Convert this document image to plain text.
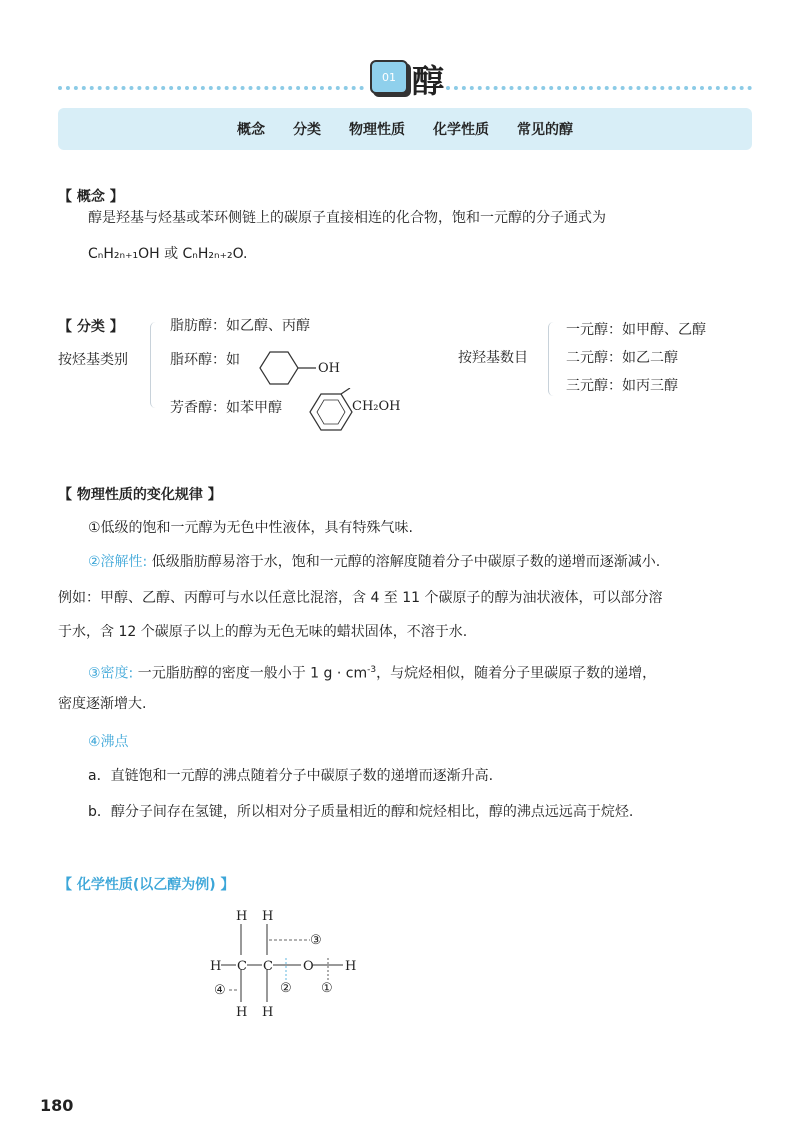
01 醇
概念 分类 物理性质 化学性质 常见的醇
【 概念 】
醇是羟基与烃基或苯环侧链上的碳原子直接相连的化合物，饱和一元醇的分子通式为
CₙH₂ₙ₊₁OH 或 CₙH₂ₙ₊₂O.
【 分类 】
按烃基类别
脂肪醇：如乙醇、丙醇
脂环醇：如
芳香醇：如苯甲醇
OH
CH₂OH
按羟基数目
一元醇：如甲醇、乙醇
二元醇：如乙二醇
三元醇：如丙三醇
【 物理性质的变化规律 】
①低级的饱和一元醇为无色中性液体，具有特殊气味.
②溶解性: 低级脂肪醇易溶于水，饱和一元醇的溶解度随着分子中碳原子数的递增而逐渐减小.
例如：甲醇、乙醇、丙醇可与水以任意比混溶，含 4 至 11 个碳原子的醇为油状液体，可以部分溶
于水，含 12 个碳原子以上的醇为无色无味的蜡状固体，不溶于水.
③密度: 一元脂肪醇的密度一般小于 1 $g \cdot cm^{-3}$，与烷烃相似，随着分子里碳原子数的递增，
密度逐渐增大.
④沸点
a．直链饱和一元醇的沸点随着分子中碳原子数的递增而逐渐升高.
b．醇分子间存在氢键，所以相对分子质量相近的醇和烷烃相比，醇的沸点远远高于烷烃.
【 化学性质(以乙醇为例) 】
H H
H C C O H
H H
①
②
③
④
180
